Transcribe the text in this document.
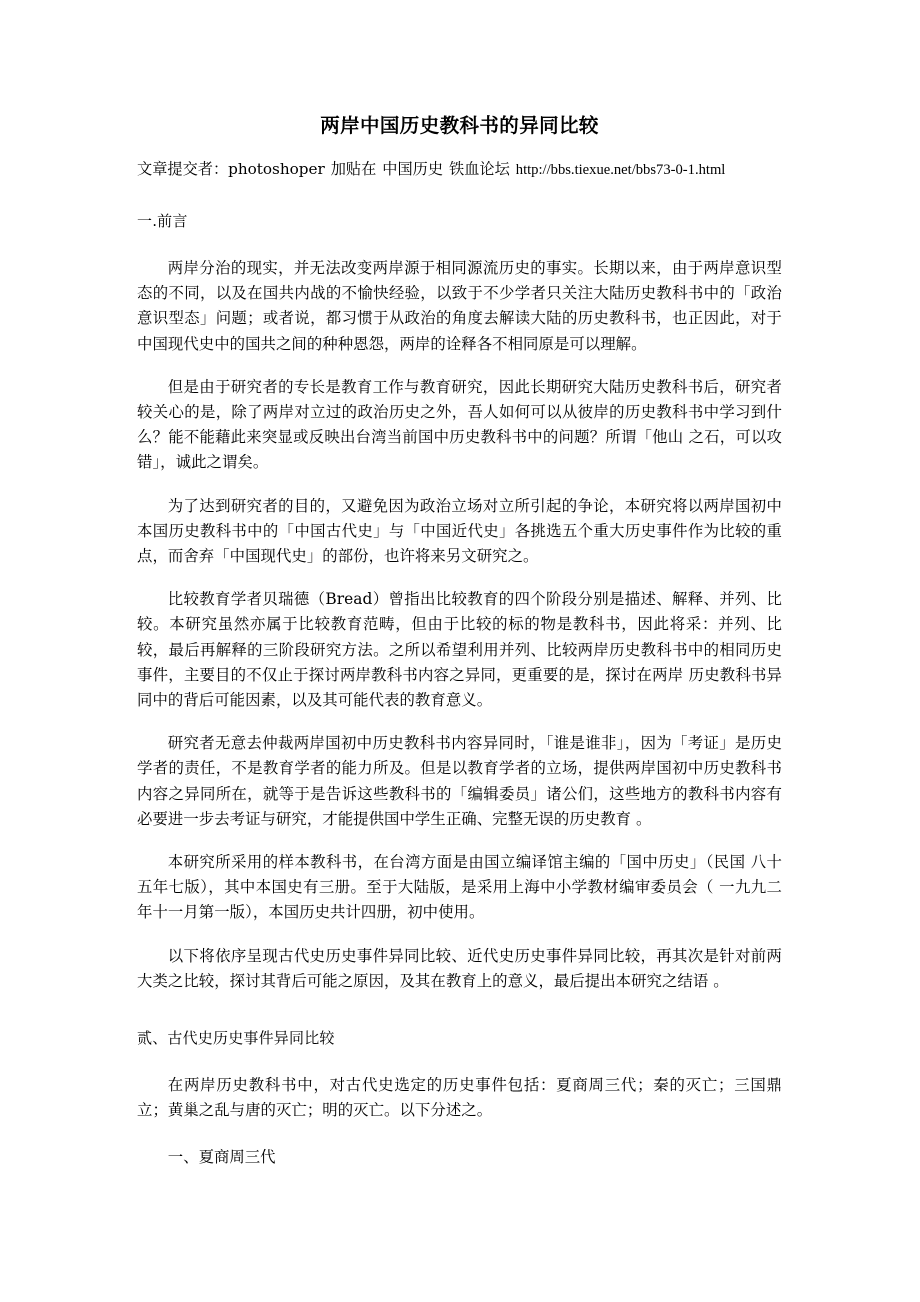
两岸中国历史教科书的异同比较
文章提交者：photoshoper 加贴在 中国历史 铁血论坛 http://bbs.tiexue.net/bbs73-0-1.html
一.前言

两岸分治的现实，并无法改变两岸源于相同源流历史的事实。长期以来，由于两岸意识型态的不同，以及在国共内战的不愉快经验，以致于不少学者只关注大陆历史教科书中的「政治意识型态」问题；或者说，都习惯于从政治的角度去解读大陆的历史教科书，也正因此，对于中国现代史中的国共之间的种种恩怨，两岸的诠释各不相同原是可以理解。

但是由于研究者的专长是教育工作与教育研究，因此长期研究大陆历史教科书后，研究者较关心的是，除了两岸对立过的政治历史之外，吾人如何可以从彼岸的历史教科书中学习到什么？能不能藉此来突显或反映出台湾当前国中历史教科书中的问题？所谓「他山 之石，可以攻错」，诚此之谓矣。

为了达到研究者的目的，又避免因为政治立场对立所引起的争论，本研究将以两岸国初中本国历史教科书中的「中国古代史」与「中国近代史」各挑选五个重大历史事件作为比较的重点，而舍弃「中国现代史」的部份，也许将来另文研究之。

比较教育学者贝瑞德（Bread）曾指出比较教育的四个阶段分别是描述、解释、并列、比较。本研究虽然亦属于比较教育范畴，但由于比较的标的物是教科书，因此将采：并列、比较，最后再解释的三阶段研究方法。之所以希望利用并列、比较两岸历史教科书中的相同历史事件，主要目的不仅止于探讨两岸教科书内容之异同，更重要的是，探讨在两岸 历史教科书异同中的背后可能因素，以及其可能代表的教育意义。

研究者无意去仲裁两岸国初中历史教科书内容异同时，「谁是谁非」，因为「考证」是历史学者的责任，不是教育学者的能力所及。但是以教育学者的立场，提供两岸国初中历史教科书内容之异同所在，就等于是告诉这些教科书的「编辑委员」诸公们，这些地方的教科书内容有必要进一步去考证与研究，才能提供国中学生正确、完整无误的历史教育 。

本研究所采用的样本教科书，在台湾方面是由国立编译馆主编的「国中历史」（民国 八十五年七版），其中本国史有三册。至于大陆版，是采用上海中小学教材编审委员会（ 一九九二年十一月第一版），本国历史共计四册，初中使用。

以下将依序呈现古代史历史事件异同比较、近代史历史事件异同比较，再其次是针对前两大类之比较，探讨其背后可能之原因，及其在教育上的意义，最后提出本研究之结语 。

贰、古代史历史事件异同比较

在两岸历史教科书中，对古代史选定的历史事件包括：夏商周三代；秦的灭亡；三国鼎立；黄巢之乱与唐的灭亡；明的灭亡。以下分述之。

一、夏商周三代
